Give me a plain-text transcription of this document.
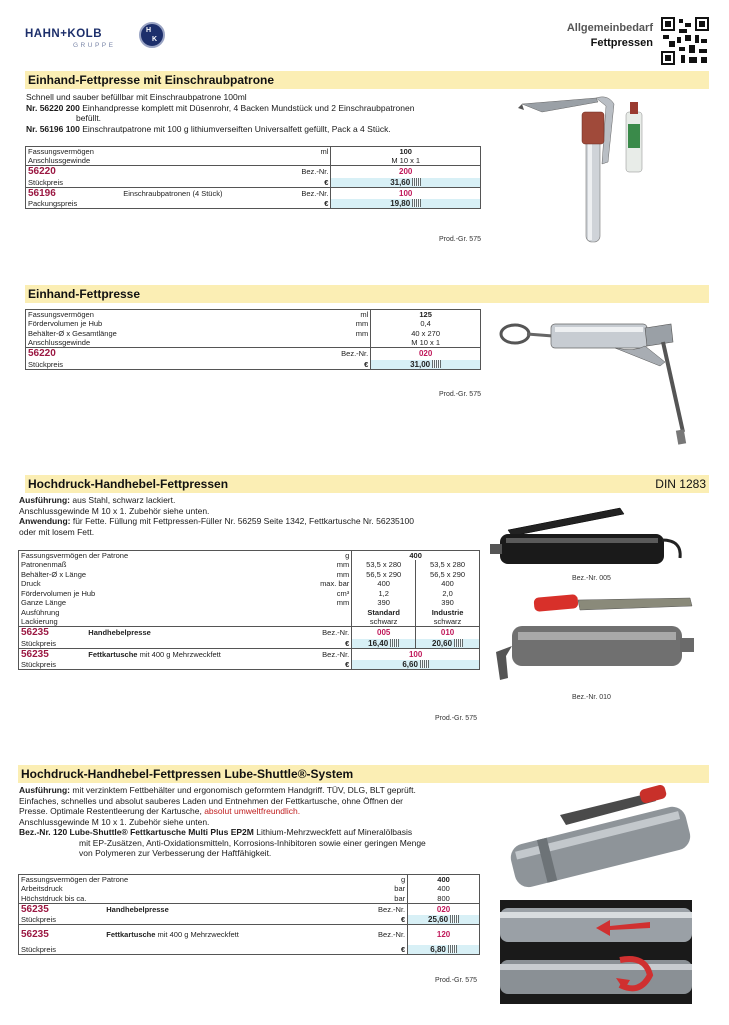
HAHN+KOLB
GRUPPE
H
K
Allgemeinbedarf
Fettpressen
Einhand-Fettpresse mit Einschraubpatrone
Schnell und sauber befüllbar mit Einschraubpatrone 100ml
Nr. 56220 200 Einhandpresse komplett mit Düsenrohr, 4 Backen Mundstück und 2 Einschraubpatronen
befüllt.
Nr. 56196 100 Einschrautpatrone mit 100 g lithiumverseiften Universalfett gefüllt, Pack a 4 Stück.
Fassungsvermögen		ml	100
Anschlussgewinde			M 10 x 1
56220		Bez.-Nr.	200
Stückpreis		€	31,60
56196	Einschraubpatronen (4 Stück)	Bez.-Nr.	100
Packungspreis		€	19,80
Prod.-Gr. 575
Einhand-Fettpresse
Fassungsvermögen		ml	125
Fördervolumen je Hub		mm	0,4
Behälter-Ø x Gesamtlänge		mm	40 x 270
Anschlussgewinde			M 10 x 1
56220		Bez.-Nr.	020
Stückpreis		€	31,00
Prod.-Gr. 575
Hochdruck-Handhebel-Fettpressen	DIN 1283
Ausführung: aus Stahl, schwarz lackiert.
Anschlussgewinde M 10 x 1. Zubehör siehe unten.
Anwendung: für Fette. Füllung mit Fettpressen-Füller Nr. 56259 Seite 1342, Fettkartusche Nr. 56235100
oder mit losem Fett.
Fassungsvermögen der Patrone		g	400	
Patronenmaß		mm	53,5 x 280	53,5 x 280
Behälter-Ø x Länge		mm	56,5 x 290	56,5 x 290
Druck		max. bar	400	400
Fördervolumen je Hub		cm³	1,2	2,0
Ganze Länge		mm	390	390
Ausführung			Standard	Industrie
Lackierung			schwarz	schwarz
56235	Handhebelpresse	Bez.-Nr.	005	010
Stückpreis		€	16,40	20,60
56235	Fettkartusche mit 400 g Mehrzweckfett	Bez.-Nr.	100	
Stückpreis		€	6,60	
Prod.-Gr. 575
Bez.-Nr. 005
Bez.-Nr. 010
Hochdruck-Handhebel-Fettpressen Lube-Shuttle®-System
Ausführung: mit verzinktem Fettbehälter und ergonomisch geformtem Handgriff. TÜV, DLG, BLT geprüft.
Einfaches, schnelles und absolut sauberes Laden und Entnehmen der Fettkartusche, ohne Öffnen der
Presse. Optimale Restentleerung der Kartusche, absolut umweltfreundlich.
Anschlussgewinde M 10 x 1. Zubehör siehe unten.
Bez.-Nr. 120 Lube-Shuttle® Fettkartusche Multi Plus EP2M Lithium-Mehrzweckfett auf Mineralölbasis
mit EP-Zusätzen, Anti-Oxidationsmitteln, Korrosions-Inhibitoren sowie einer geringen Menge
von Polymeren zur Verbesserung der Haftfähigkeit.
Fassungsvermögen der Patrone		g	400
Arbeitsdruck		bar	400
Höchstdruck bis ca.		bar	800
56235	Handhebelpresse	Bez.-Nr.	020
Stückpreis		€	25,60
56235	Fettkartusche mit 400 g Mehrzweckfett	Bez.-Nr.	120
Stückpreis		€	6,80
Prod.-Gr. 575
